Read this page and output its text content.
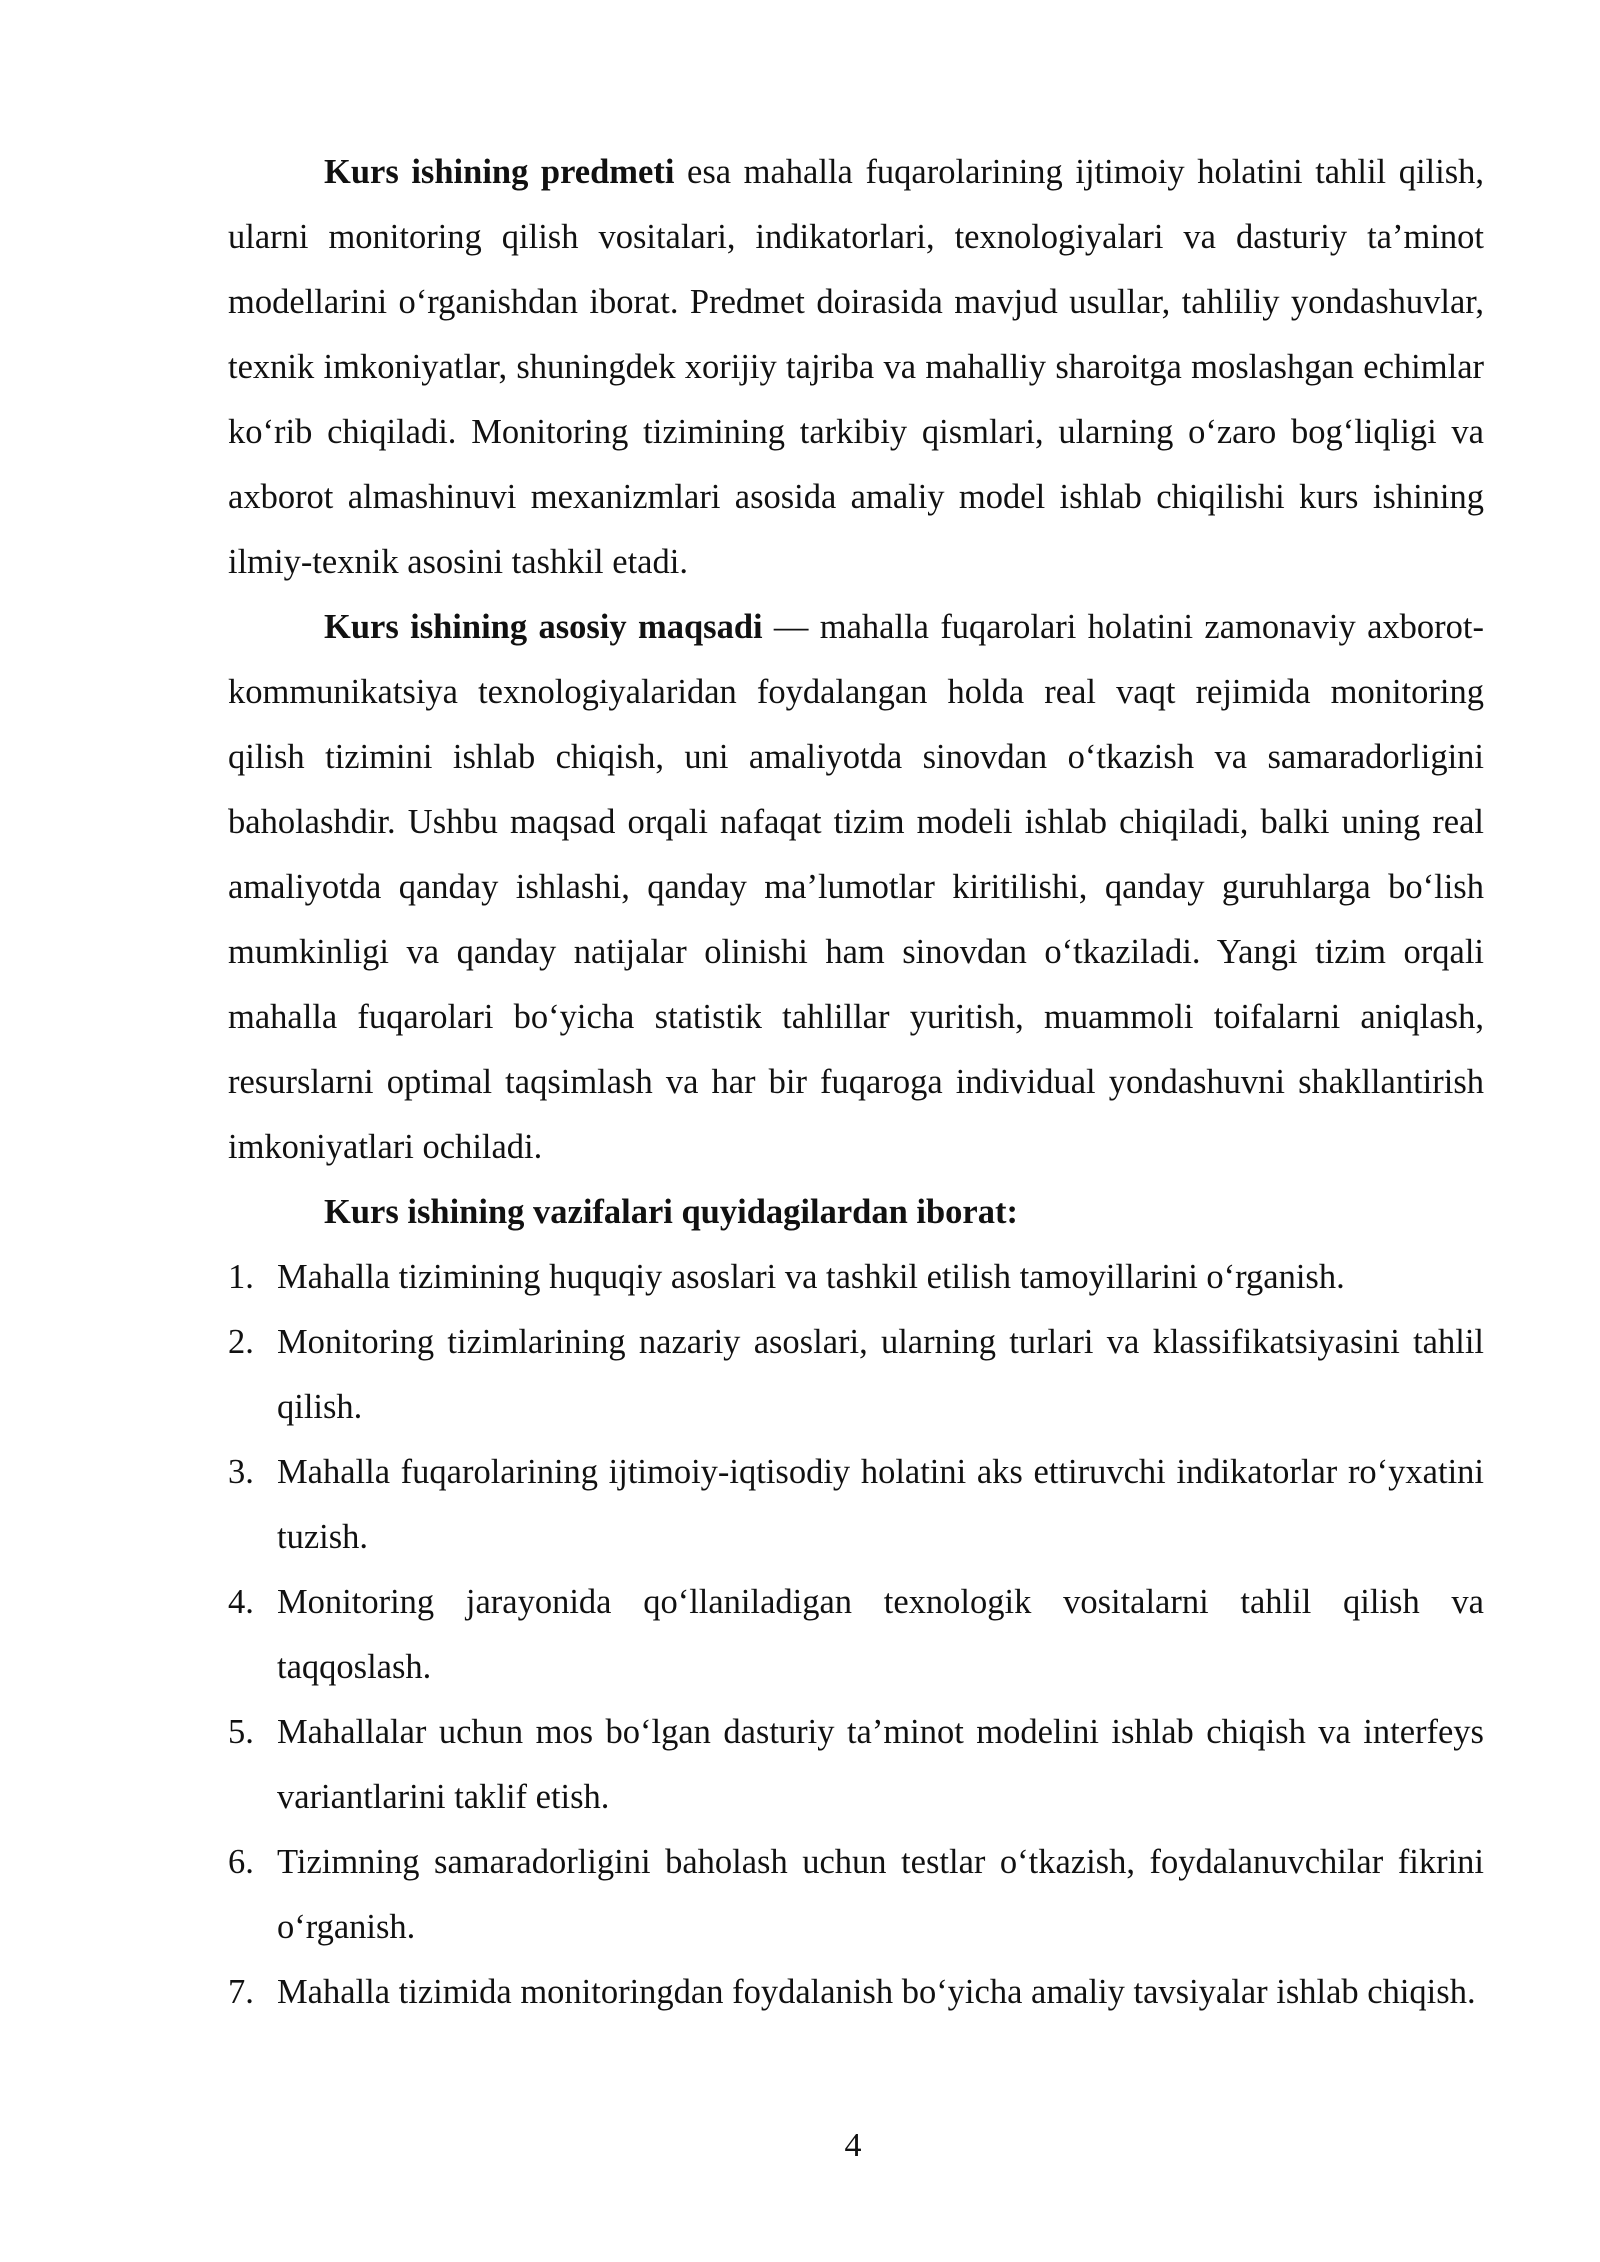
Kurs ishining predmeti esa mahalla fuqarolarining ijtimoiy holatini tahlil qilish, ularni monitoring qilish vositalari, indikatorlari, texnologiyalari va dasturiy ta’minot modellarini o‘rganishdan iborat. Predmet doirasida mavjud usullar, tahliliy yondashuvlar, texnik imkoniyatlar, shuningdek xorijiy tajriba va mahalliy sharoitga moslashgan echimlar ko‘rib chiqiladi. Monitoring tizimining tarkibiy qismlari, ularning o‘zaro bog‘liqligi va axborot almashinuvi mexanizmlari asosida amaliy model ishlab chiqilishi kurs ishining ilmiy-texnik asosini tashkil etadi.

Kurs ishining asosiy maqsadi — mahalla fuqarolari holatini zamonaviy axborot-kommunikatsiya texnologiyalaridan foydalangan holda real vaqt rejimida monitoring qilish tizimini ishlab chiqish, uni amaliyotda sinovdan o‘tkazish va samaradorligini baholashdir. Ushbu maqsad orqali nafaqat tizim modeli ishlab chiqiladi, balki uning real amaliyotda qanday ishlashi, qanday ma’lumotlar kiritilishi, qanday guruhlarga bo‘lish mumkinligi va qanday natijalar olinishi ham sinovdan o‘tkaziladi. Yangi tizim orqali mahalla fuqarolari bo‘yicha statistik tahlillar yuritish, muammoli toifalarni aniqlash, resurslarni optimal taqsimlash va har bir fuqaroga individual yondashuvni shakllantirish imkoniyatlari ochiladi.

Kurs ishining vazifalari quyidagilardan iborat:

1. Mahalla tizimining huquqiy asoslari va tashkil etilish tamoyillarini o‘rganish.
2. Monitoring tizimlarining nazariy asoslari, ularning turlari va klassifikatsiyasini tahlil qilish.
3. Mahalla fuqarolarining ijtimoiy-iqtisodiy holatini aks ettiruvchi indikatorlar ro‘yxatini tuzish.
4. Monitoring jarayonida qo‘llaniladigan texnologik vositalarni tahlil qilish va taqqoslash.
5. Mahallalar uchun mos bo‘lgan dasturiy ta’minot modelini ishlab chiqish va interfeys variantlarini taklif etish.
6. Tizimning samaradorligini baholash uchun testlar o‘tkazish, foydalanuvchilar fikrini o‘rganish.
7. Mahalla tizimida monitoringdan foydalanish bo‘yicha amaliy tavsiyalar ishlab chiqish.
4
